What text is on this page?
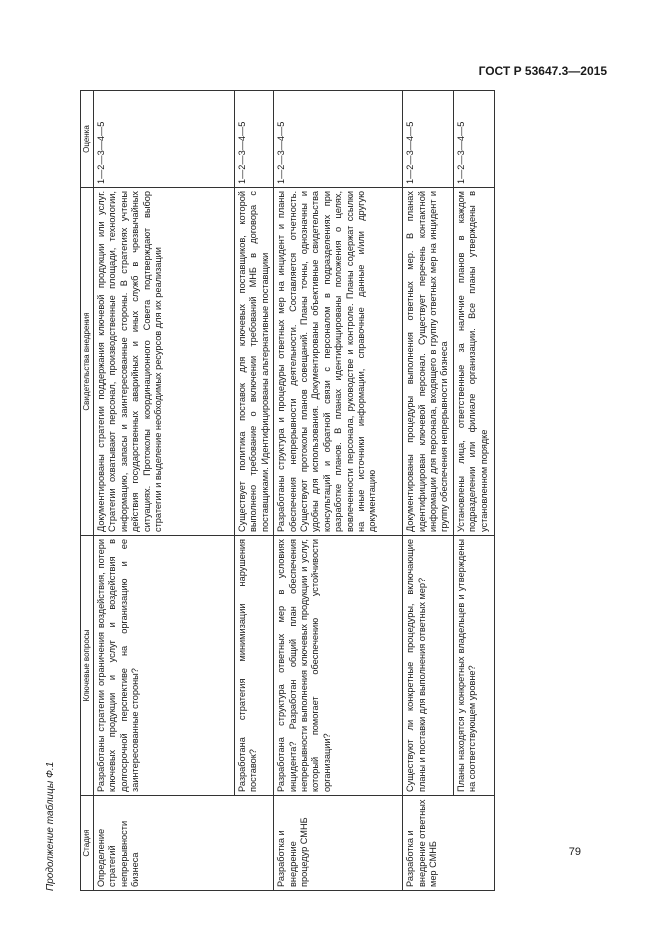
ГОСТ Р 53647.3—2015
Продолжение таблицы Ф.1	Стадия	Ключевые вопросы	Свидетельства внедрения	Оценка
Определение стратегий непрерывности бизнеса	Разработаны стратегии ограничения воздействия, потери ключевых продукции и услуг и воздействия в долгосрочной перспективе на организацию и ее заинтересованные стороны?	Документированы стратегии поддержания ключевой продукции или услуг. Стратегии охватывают персонал, производственные площади, технологии, информацию, запасы и заинтересованные стороны. В стратегиях учтены действия государственных аварийных и иных служб в чрезвычайных ситуациях. Протоколы координационного Совета подтверждают выбор стратегии и выделение необходимых ресурсов для их реализации	1—2—3—4—5
	Разработана стратегия минимизации нарушения поставок?	Существует политика поставок для ключевых поставщиков, которой выполнено требование о включении требований МНБ в договора с поставщиками. Идентифицированы альтернативные поставщики	1—2—3—4—5
Разработка и внедрение процедур СМНБ	Разработана структура ответных мер в условиях инцидента? Разработан общий план обеспечения непрерывности выполнения ключевых продукции и услуг, который помогает обеспечению устойчивости организации?	Разработаны структура и процедуры ответных мер на инцидент и планы обеспечения непрерывности деятельности. Составляется отчетность. Существуют протоколы планов совещаний. Планы точны, однозначны и удобны для использования. Документированы объективные свидетельства консультаций и обратной связи с персоналом в подразделениях при разработке планов. В планах идентифицированы положения о целях, вовлеченности персонала, руководстве и контроле. Планы содержат ссылки на иные источники информации, справочные данные и/или другую документацию	1—2—3—4—5
Разработка и внедрение ответных мер СМНБ	Существуют ли конкретные процедуры, включающие планы и поставки для выполнения ответных мер?	Документированы процедуры выполнения ответных мер. В планах идентифицирован ключевой персонал. Существует перечень контактной информации для персонала, входящего в группу ответных мер на инцидент и группу обеспечения непрерывности бизнеса	1—2—3—4—5
	Планы находятся у конкретных владельцев и утверждены на соответствующем уровне?	Установлены лица, ответственные за наличие планов в каждом подразделении или филиале организации. Все планы утверждены в установленном порядке	1—2—3—4—5
79
